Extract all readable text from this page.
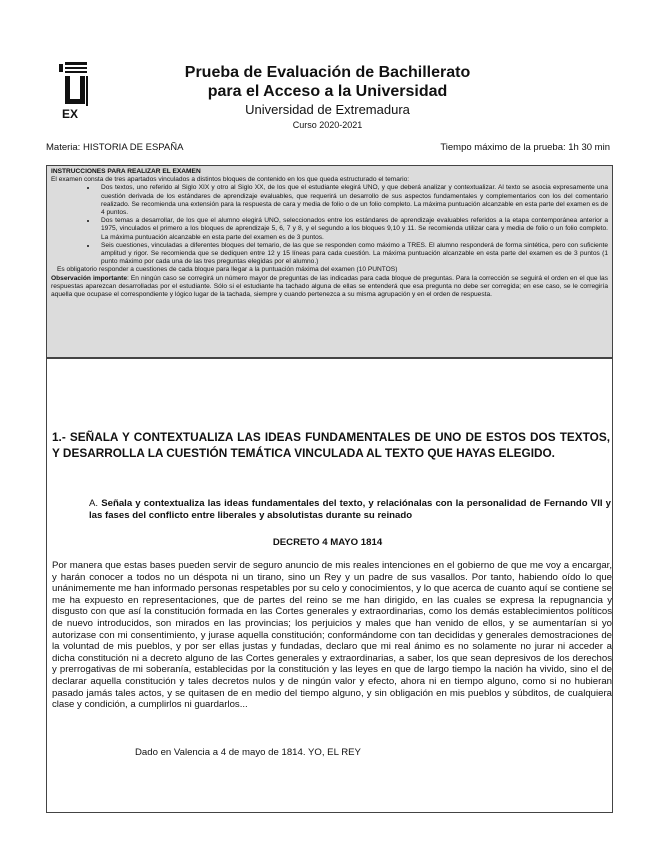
EX
Prueba de Evaluación de Bachillerato
para el Acceso a la Universidad
Universidad de Extremadura
Curso 2020-2021
Materia: HISTORIA DE ESPAÑA	Tiempo máximo de la prueba: 1h 30 min
INSTRUCCIONES PARA REALIZAR EL EXAMEN
El examen consta de tres apartados vinculados a distintos bloques de contenido en los que queda estructurado el temario:
• Dos textos, uno referido al Siglo XIX y otro al Siglo XX, de los que el estudiante elegirá UNO, y que deberá analizar y contextualizar. Al texto se asocia expresamente una cuestión derivada de los estándares de aprendizaje evaluables, que requerirá un desarrollo de sus aspectos fundamentales y complementarios con los del comentario realizado. Se recomienda una extensión para la respuesta de cara y media de folio o de un folio completo. La máxima puntuación alcanzable en esta parte del examen es de 4 puntos.
• Dos temas a desarrollar, de los que el alumno elegirá UNO, seleccionados entre los estándares de aprendizaje evaluables referidos a la etapa contemporánea anterior a 1975, vinculados el primero a los bloques de aprendizaje 5, 6, 7 y 8, y el segundo a los bloques 9,10 y 11. Se recomienda utilizar cara y media de folio o un folio completo. La máxima puntuación alcanzable en esta parte del examen es de 3 puntos.
• Seis cuestiones, vinculadas a diferentes bloques del temario, de las que se responden como máximo a TRES. El alumno responderá de forma sintética, pero con suficiente amplitud y rigor. Se recomienda que se dediquen entre 12 y 15 líneas para cada cuestión. La máxima puntuación alcanzable en esta parte del examen es de 3 puntos (1 punto máximo por cada una de las tres preguntas elegidas por el alumno.)
Es obligatorio responder a cuestiones de cada bloque para llegar a la puntuación máxima del examen (10 PUNTOS)
Observación importante: En ningún caso se corregirá un número mayor de preguntas de las indicadas para cada bloque de preguntas. Para la corrección se seguirá el orden en el que las respuestas aparezcan desarrolladas por el estudiante. Sólo si el estudiante ha tachado alguna de ellas se entenderá que esa pregunta no debe ser corregida; en ese caso, se le corregiría aquella que ocupase el correspondiente y lógico lugar de la tachada, siempre y cuando pertenezca a su misma agrupación y en el orden de respuesta.
1.- SEÑALA Y CONTEXTUALIZA LAS IDEAS FUNDAMENTALES DE UNO DE ESTOS DOS TEXTOS, Y DESARROLLA LA CUESTIÓN TEMÁTICA VINCULADA AL TEXTO QUE HAYAS ELEGIDO.
A. Señala y contextualiza las ideas fundamentales del texto, y relaciónalas con la personalidad de Fernando VII y las fases del conflicto entre liberales y absolutistas durante su reinado
DECRETO 4 MAYO 1814
Por manera que estas bases pueden servir de seguro anuncio de mis reales intenciones en el gobierno de que me voy a encargar, y harán conocer a todos no un déspota ni un tirano, sino un Rey y un padre de sus vasallos. Por tanto, habiendo oído lo que unánimemente me han informado personas respetables por su celo y conocimientos, y lo que acerca de cuanto aquí se contiene se me ha expuesto en representaciones, que de partes del reino se me han dirigido, en las cuales se expresa la repugnancia y disgusto con que así la constitución formada en las Cortes generales y extraordinarias, como los demás establecimientos políticos de nuevo introducidos, son mirados en las provincias; los perjuicios y males que han venido de ellos, y se aumentarían si yo autorizase con mi consentimiento, y jurase aquella constitución; conformándome con tan decididas y generales demostraciones de la voluntad de mis pueblos, y por ser ellas justas y fundadas, declaro que mi real ánimo es no solamente no jurar ni acceder a dicha constitución ni a decreto alguno de las Cortes generales y extraordinarias, a saber, los que sean depresivos de los derechos y prerrogativas de mi soberanía, establecidas por la constitución y las leyes en que de largo tiempo la nación ha vivido, sino el de declarar aquella constitución y tales decretos nulos y de ningún valor y efecto, ahora ni en tiempo alguno, como si no hubieran pasado jamás tales actos, y se quitasen de en medio del tiempo alguno, y sin obligación en mis pueblos y súbditos, de cualquiera clase y condición, a cumplirlos ni guardarlos...
Dado en Valencia a 4 de mayo de 1814. YO, EL REY
